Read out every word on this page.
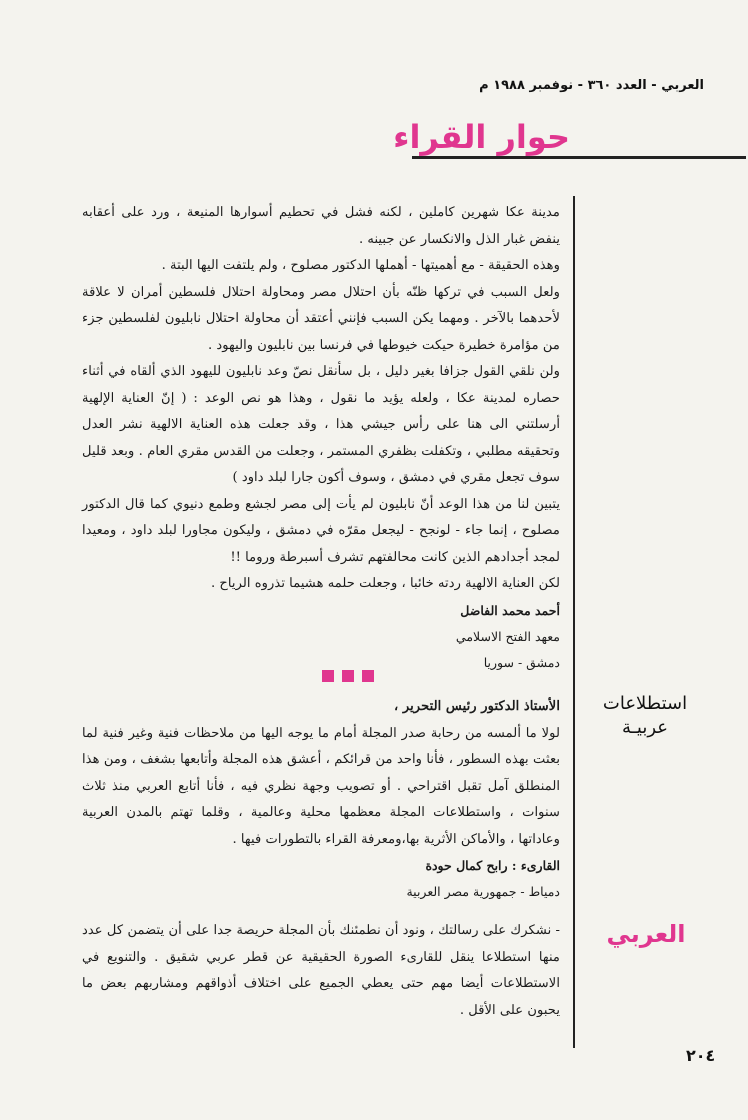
العربي - العدد ٣٦٠ - نوفمبر ١٩٨٨ م
حوار القراء

مدينة عكا شهرين كاملين ، لكنه فشل في تحطيم أسوارها المنيعة ، ورد على أعقابه ينفض غبار الذل والانكسار عن جبينه .

وهذه الحقيقة - مع أهميتها - أهملها الدكتور مصلوح ، ولم يلتفت اليها البتة .

ولعل السبب في تركها ظنّه بأن احتلال مصر ومحاولة احتلال فلسطين أمران لا علاقة لأحدهما بالآخر . ومهما يكن السبب فإنني أعتقد أن محاولة احتلال نابليون لفلسطين جزء من مؤامرة خطيرة حيكت خيوطها في فرنسا بين نابليون واليهود .

ولن نلقي القول جزافا بغير دليل ، بل سأنقل نصّ وعد نابليون لليهود الذي ألقاه في أثناء حصاره لمدينة عكا ، ولعله يؤيد ما نقول ، وهذا هو نص الوعد : ( إنّ العناية الإلهية أرسلتني الى هنا على رأس جيشي هذا ، وقد جعلت هذه العناية الالهية نشر العدل وتحقيقه مطلبي ، وتكفلت بظفري المستمر ، وجعلت من القدس مقري العام . وبعد قليل سوف تجعل مقري في دمشق ، وسوف أكون جارا لبلد داود )

يتبين لنا من هذا الوعد أنّ نابليون لم يأت إلى مصر لجشع وطمع دنيوي كما قال الدكتور مصلوح ، إنما جاء - لونجح - ليجعل مقرّه في دمشق ، وليكون مجاورا لبلد داود ، ومعيدا لمجد أجدادهم الذين كانت محالفتهم تشرف أسبرطة وروما !!

لكن العناية الالهية ردته خائبا ، وجعلت حلمه هشيما تذروه الرياح .

أحمد محمد الفاضل

معهد الفتح الاسلامي

دمشق - سوريا

الأستاذ الدكتور رئيس التحرير ،

لولا ما ألمسه من رحابة صدر المجلة أمام ما يوجه اليها من ملاحظات فنية وغير فنية لما بعثت بهذه السطور ، فأنا واحد من قرائكم ، أعشق هذه المجلة وأتابعها بشغف ، ومن هذا المنطلق آمل تقبل اقتراحي . أو تصويب وجهة نظري فيه ، فأنا أتابع العربي منذ ثلاث سنوات ، واستطلاعات المجلة معظمها محلية وعالمية ، وقلما تهتم بالمدن العربية وعاداتها ، والأماكن الأثرية بها،ومعرفة القراء بالتطورات فيها .

القارىء : رابح كمال حودة

دمياط - جمهورية مصر العربية

- نشكرك على رسالتك ، ونود أن نطمئنك بأن المجلة حريصة جدا على أن يتضمن كل عدد منها استطلاعا ينقل للقارىء الصورة الحقيقية عن قطر عربي شقيق . والتنويع في الاستطلاعات أيضا مهم حتى يعطي الجميع على اختلاف أذواقهم ومشاربهم بعض ما يحبون على الأقل .

استطلاعات
عربيـة
العربي
٢٠٤
